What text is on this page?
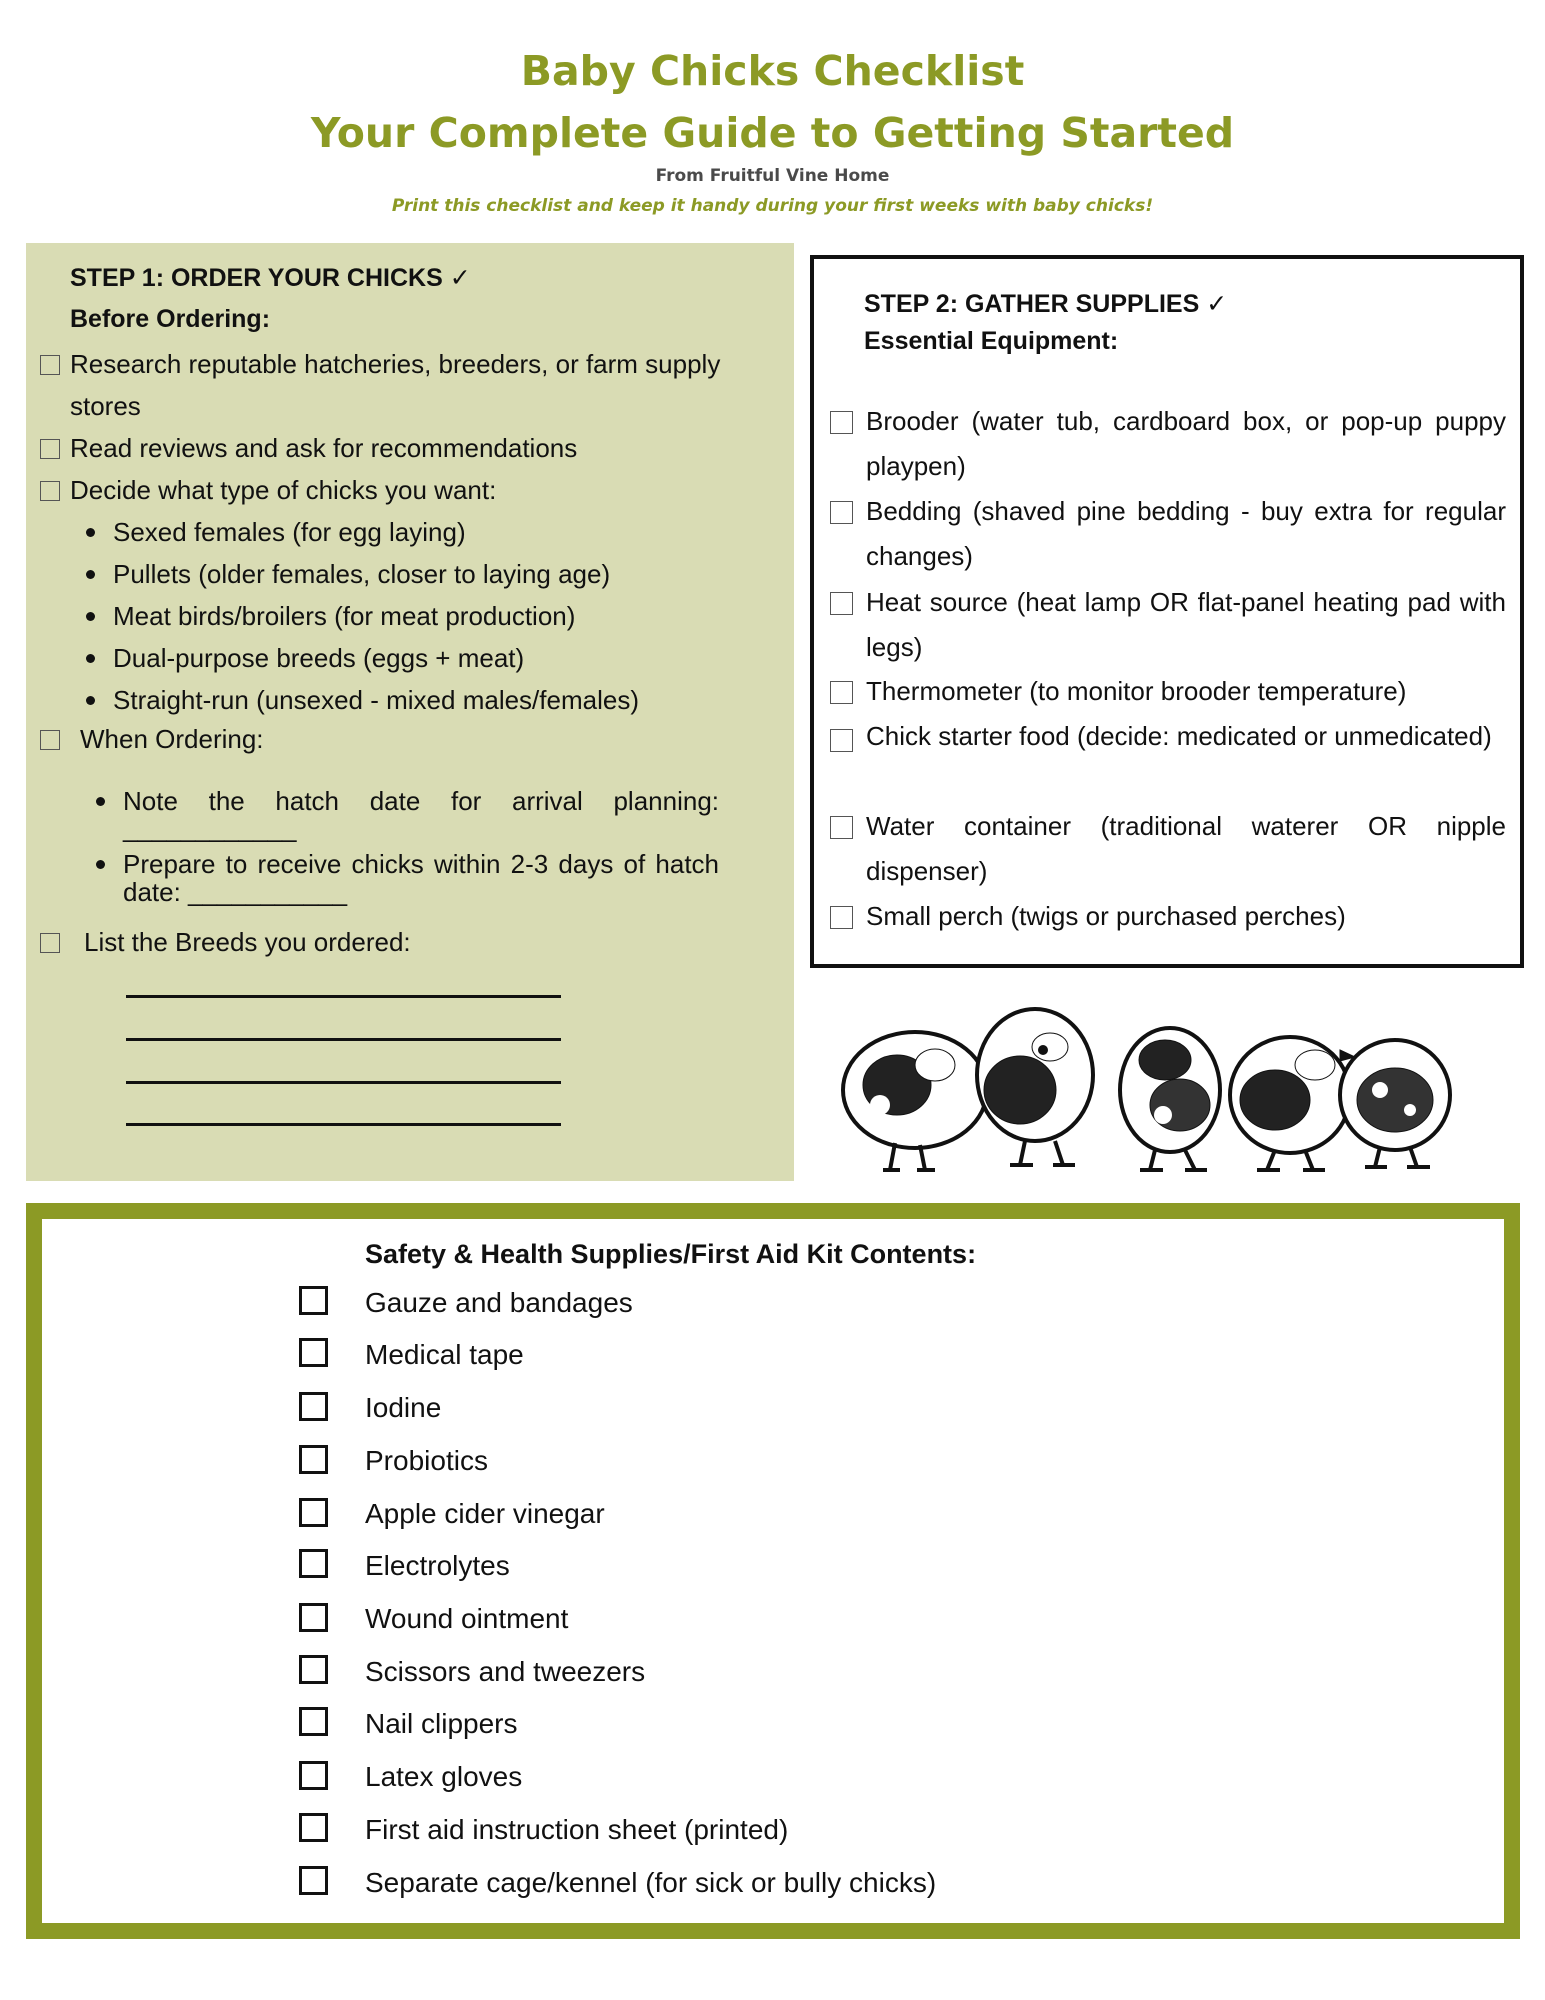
Baby Chicks Checklist
Your Complete Guide to Getting Started
From Fruitful Vine Home
Print this checklist and keep it handy during your first weeks with baby chicks!
STEP 1: ORDER YOUR CHICKS ✓
Before Ordering:
Research reputable hatcheries, breeders, or farm supply
stores
Read reviews and ask for recommendations
Decide what type of chicks you want:
Sexed females (for egg laying)
Pullets (older females, closer to laying age)
Meat birds/broilers (for meat production)
Dual-purpose breeds (eggs + meat)
Straight-run (unsexed - mixed males/females)
When Ordering:
Note the hatch date for arrival planning:
____________
Prepare to receive chicks within 2-3 days of hatch
date: ___________
List the Breeds you ordered:
STEP 2: GATHER SUPPLIES ✓
Essential Equipment:
Brooder (water tub, cardboard box, or pop-up puppy
playpen)
Bedding (shaved pine bedding - buy extra for regular
changes)
Heat source (heat lamp OR flat-panel heating pad with
legs)
Thermometer (to monitor brooder temperature)
Chick starter food (decide: medicated or unmedicated)
Water container (traditional waterer OR nipple
dispenser)
Small perch (twigs or purchased perches)
Safety & Health Supplies/First Aid Kit Contents:
Gauze and bandages
Medical tape
Iodine
Probiotics
Apple cider vinegar
Electrolytes
Wound ointment
Scissors and tweezers
Nail clippers
Latex gloves
First aid instruction sheet (printed)
Separate cage/kennel (for sick or bully chicks)
